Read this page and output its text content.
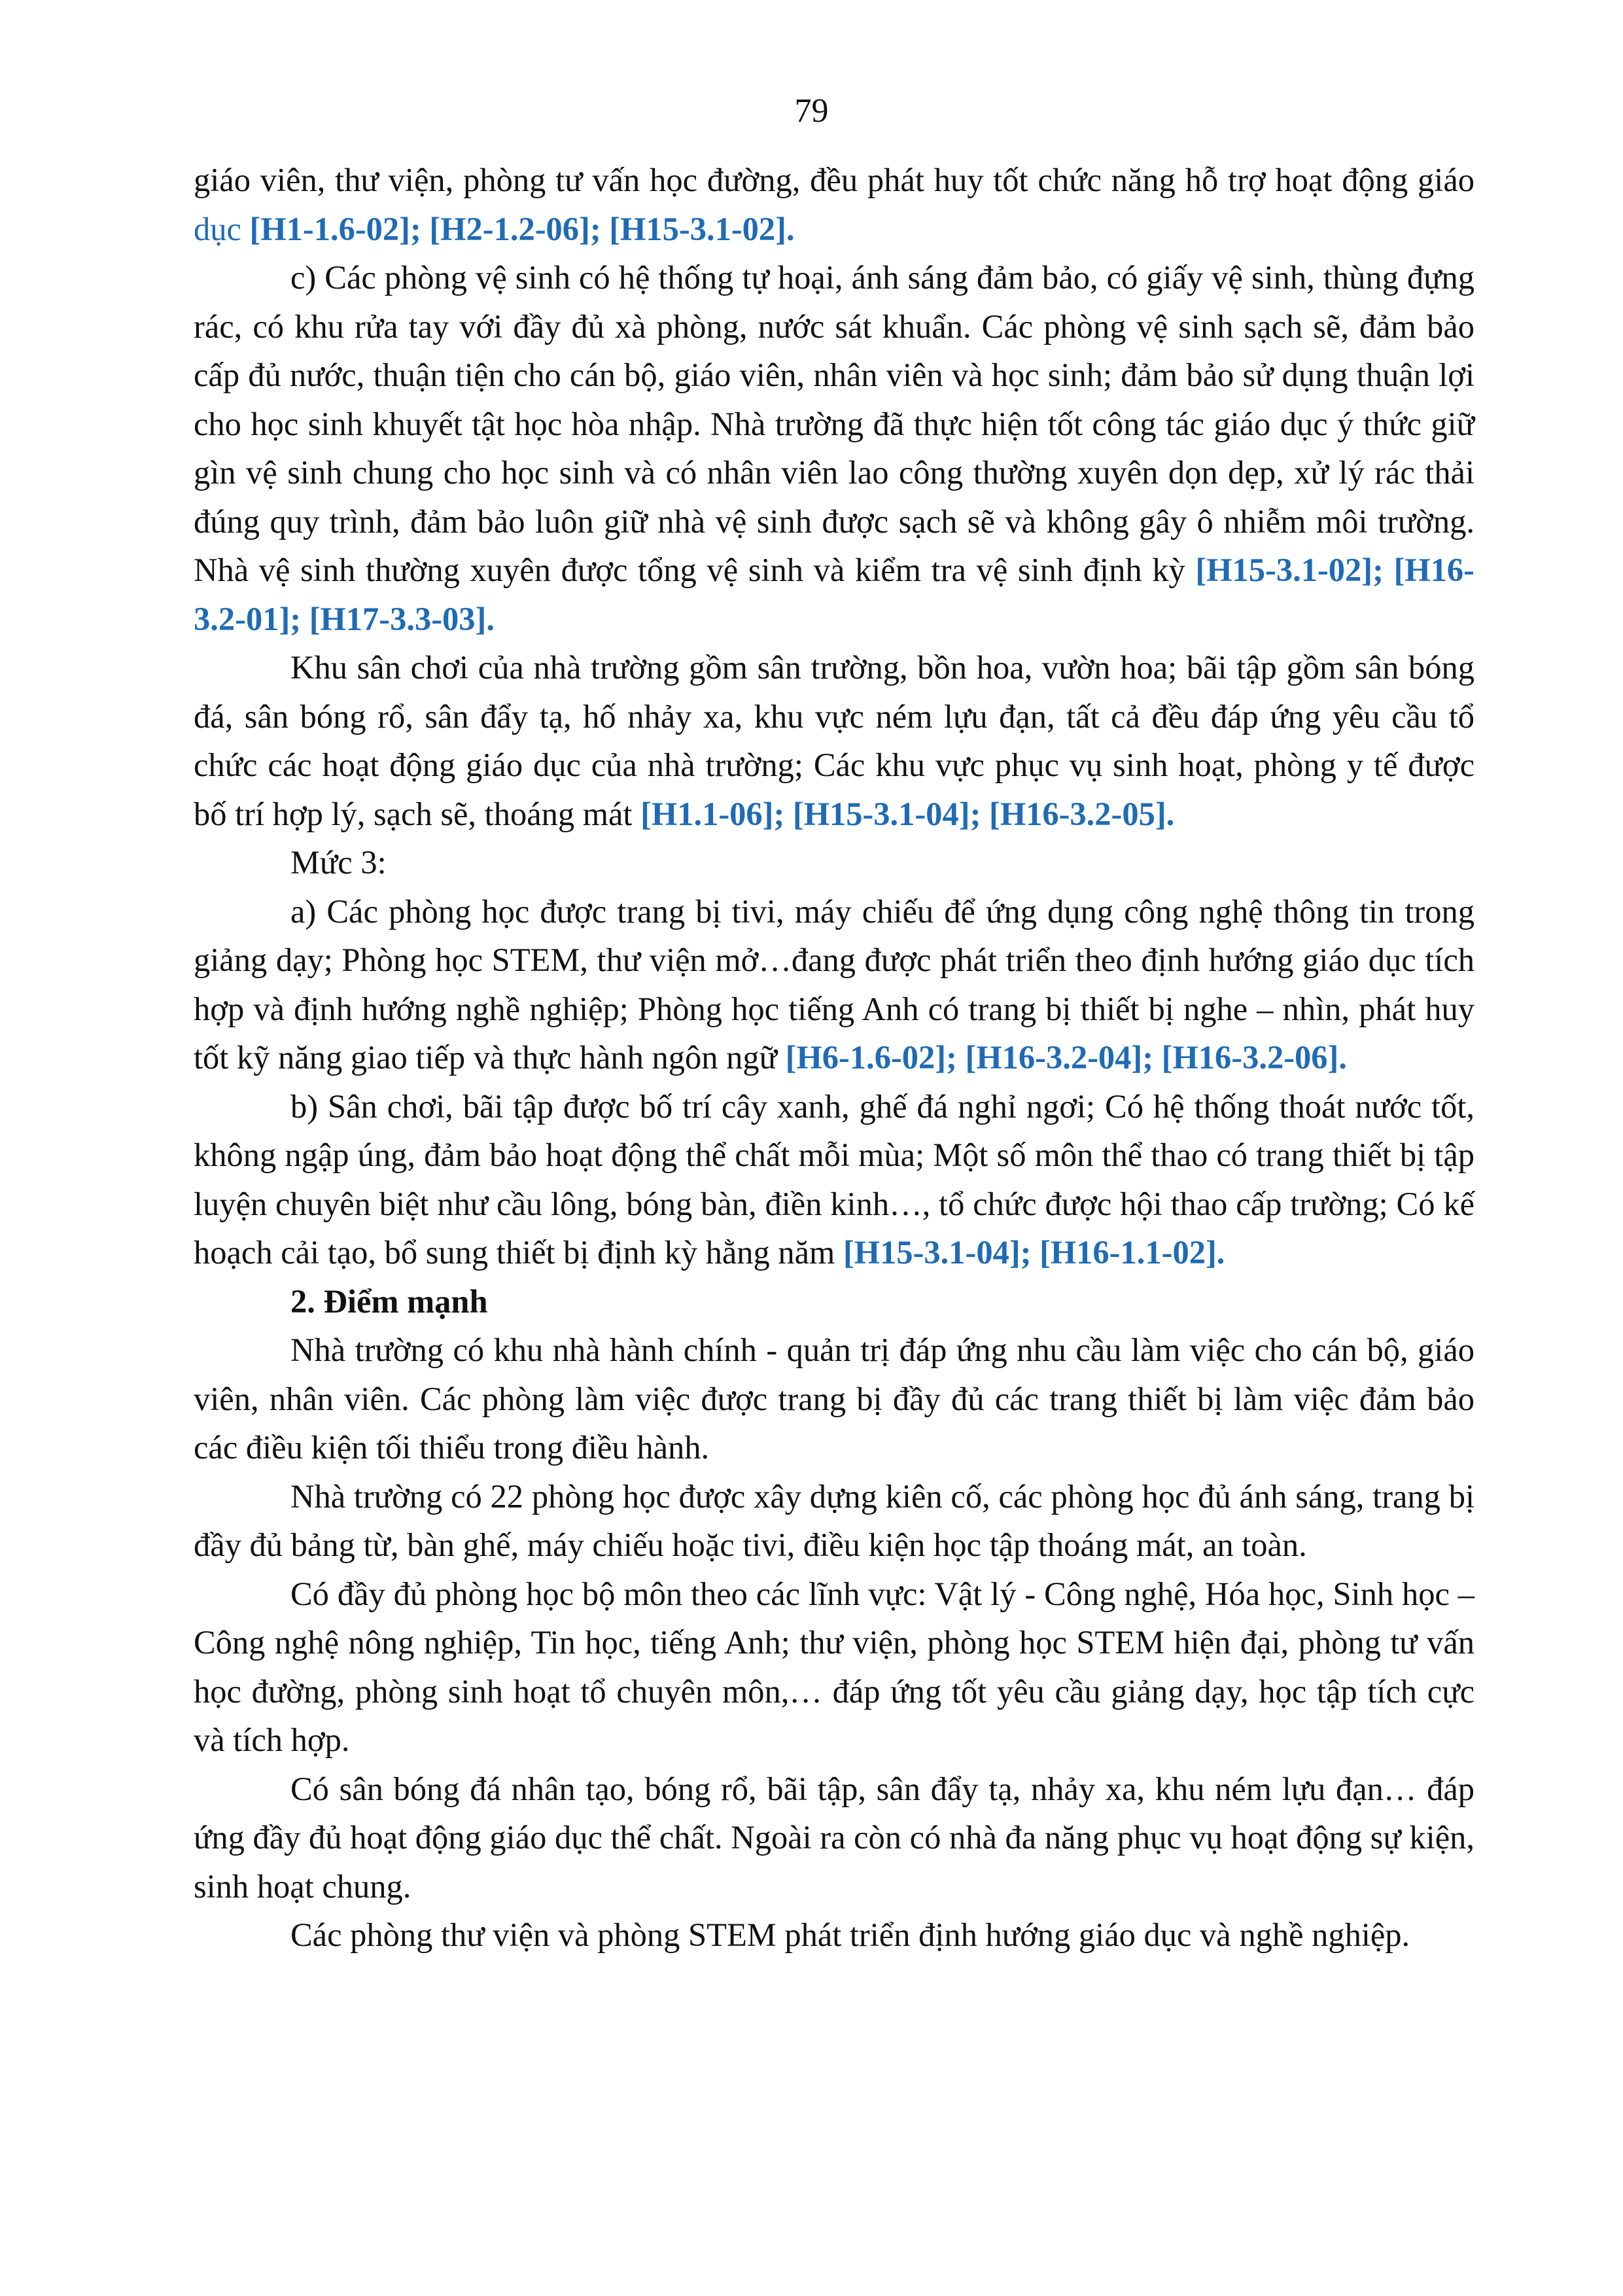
79

giáo viên, thư viện, phòng tư vấn học đường, đều phát huy tốt chức năng hỗ trợ hoạt động giáo dục [H1-1.6-02]; [H2-1.2-06]; [H15-3.1-02].

c) Các phòng vệ sinh có hệ thống tự hoại, ánh sáng đảm bảo, có giấy vệ sinh, thùng đựng rác, có khu rửa tay với đầy đủ xà phòng, nước sát khuẩn. Các phòng vệ sinh sạch sẽ, đảm bảo cấp đủ nước, thuận tiện cho cán bộ, giáo viên, nhân viên và học sinh; đảm bảo sử dụng thuận lợi cho học sinh khuyết tật học hòa nhập. Nhà trường đã thực hiện tốt công tác giáo dục ý thức giữ gìn vệ sinh chung cho học sinh và có nhân viên lao công thường xuyên dọn dẹp, xử lý rác thải đúng quy trình, đảm bảo luôn giữ nhà vệ sinh được sạch sẽ và không gây ô nhiễm môi trường. Nhà vệ sinh thường xuyên được tổng vệ sinh và kiểm tra vệ sinh định kỳ [H15-3.1-02]; [H16-3.2-01]; [H17-3.3-03].

Khu sân chơi của nhà trường gồm sân trường, bồn hoa, vườn hoa; bãi tập gồm sân bóng đá, sân bóng rổ, sân đẩy tạ, hố nhảy xa, khu vực ném lựu đạn, tất cả đều đáp ứng yêu cầu tổ chức các hoạt động giáo dục của nhà trường; Các khu vực phục vụ sinh hoạt, phòng y tế được bố trí hợp lý, sạch sẽ, thoáng mát [H1.1-06]; [H15-3.1-04]; [H16-3.2-05].

Mức 3:

a) Các phòng học được trang bị tivi, máy chiếu để ứng dụng công nghệ thông tin trong giảng dạy; Phòng học STEM, thư viện mở…đang được phát triển theo định hướng giáo dục tích hợp và định hướng nghề nghiệp; Phòng học tiếng Anh có trang bị thiết bị nghe – nhìn, phát huy tốt kỹ năng giao tiếp và thực hành ngôn ngữ [H6-1.6-02]; [H16-3.2-04]; [H16-3.2-06].

b) Sân chơi, bãi tập được bố trí cây xanh, ghế đá nghỉ ngơi; Có hệ thống thoát nước tốt, không ngập úng, đảm bảo hoạt động thể chất mỗi mùa; Một số môn thể thao có trang thiết bị tập luyện chuyên biệt như cầu lông, bóng bàn, điền kinh…, tổ chức được hội thao cấp trường; Có kế hoạch cải tạo, bổ sung thiết bị định kỳ hằng năm [H15-3.1-04]; [H16-1.1-02].

2. Điểm mạnh

Nhà trường có khu nhà hành chính - quản trị đáp ứng nhu cầu làm việc cho cán bộ, giáo viên, nhân viên. Các phòng làm việc được trang bị đầy đủ các trang thiết bị làm việc đảm bảo các điều kiện tối thiểu trong điều hành.

Nhà trường có 22 phòng học được xây dựng kiên cố, các phòng học đủ ánh sáng, trang bị đầy đủ bảng từ, bàn ghế, máy chiếu hoặc tivi, điều kiện học tập thoáng mát, an toàn.

Có đầy đủ phòng học bộ môn theo các lĩnh vực: Vật lý - Công nghệ, Hóa học, Sinh học – Công nghệ nông nghiệp, Tin học, tiếng Anh; thư viện, phòng học STEM hiện đại, phòng tư vấn học đường, phòng sinh hoạt tổ chuyên môn,… đáp ứng tốt yêu cầu giảng dạy, học tập tích cực và tích hợp.

Có sân bóng đá nhân tạo, bóng rổ, bãi tập, sân đẩy tạ, nhảy xa, khu ném lựu đạn… đáp ứng đầy đủ hoạt động giáo dục thể chất. Ngoài ra còn có nhà đa năng phục vụ hoạt động sự kiện, sinh hoạt chung.

Các phòng thư viện và phòng STEM phát triển định hướng giáo dục và nghề nghiệp.
